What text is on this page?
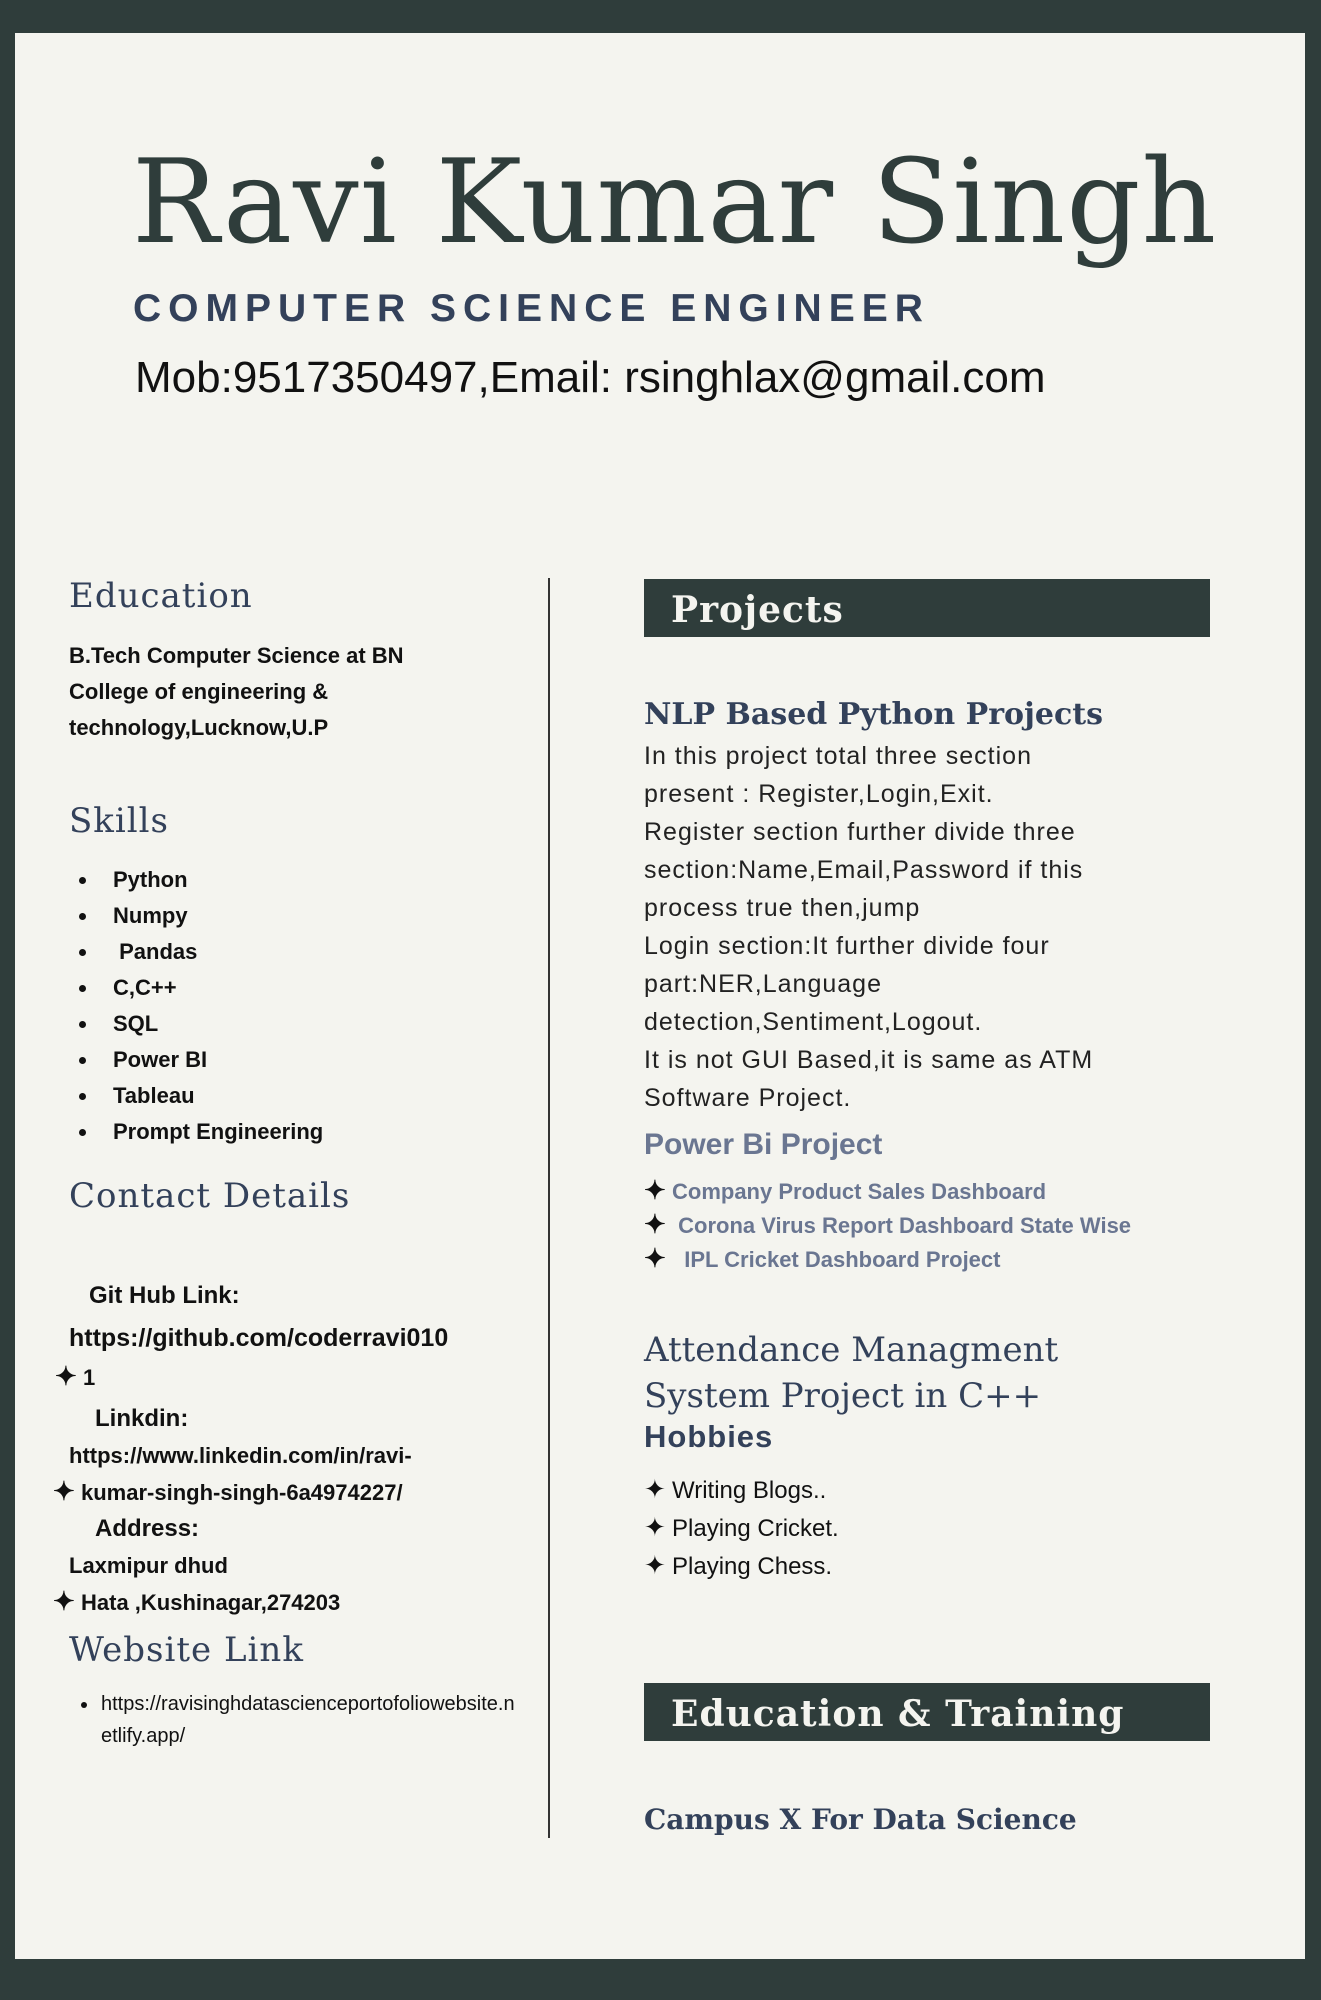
Ravi Kumar Singh
COMPUTER SCIENCE ENGINEER
Mob:9517350497,Email: rsinghlax@gmail.com
Education
B.Tech Computer Science at BN
College of engineering &
technology,Lucknow,U.P
Skills
• Python
• Numpy
•  Pandas
• C,C++
• SQL
• Power BI
• Tableau
• Prompt Engineering
Contact Details
Git Hub Link:
https://github.com/coderravi010
✦ 1
Linkdin:
https://www.linkedin.com/in/ravi-
✦ kumar-singh-singh-6a4974227/
Address:
Laxmipur dhud
✦ Hata ,Kushinagar,274203
Website Link
• https://ravisinghdatascienceportofoliowebsite.netlify.app/
Projects
NLP Based Python Projects
In this project total three section
present : Register,Login,Exit.
Register section further divide three
section:Name,Email,Password if this
process true then,jump
Login section:It further divide four
part:NER,Language
detection,Sentiment,Logout.
It is not GUI Based,it is same as ATM
Software Project.
Power Bi Project
✦ Company Product Sales Dashboard
✦ Corona Virus Report Dashboard State Wise
✦  IPL Cricket Dashboard Project
Attendance Managment
System Project in C++
Hobbies
✦ Writing Blogs..
✦ Playing Cricket.
✦ Playing Chess.
Education & Training
Campus X For Data Science
